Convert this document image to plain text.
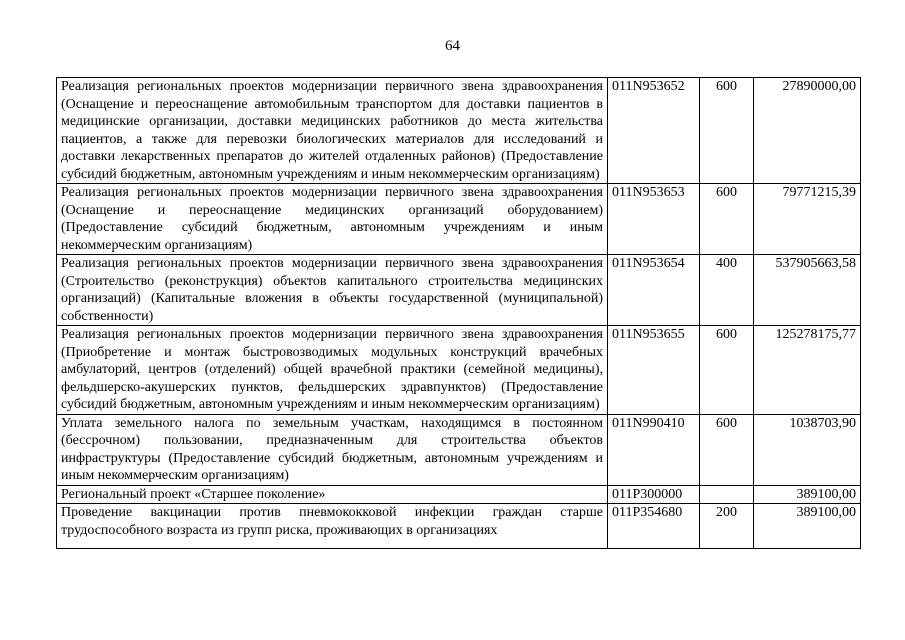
64
Реализация региональных проектов модернизации первичного звена здравоохранения (Оснащение и переоснащение автомобильным транспортом для доставки пациентов в медицинские организации, доставки медицинских работников до места жительства пациентов, а также для перевозки биологических материалов для исследований и доставки лекарственных препаратов до жителей отдаленных районов) (Предоставление субсидий бюджетным, автономным учреждениям и иным некоммерческим организациям)	011N953652	600	27890000,00
Реализация региональных проектов модернизации первичного звена здравоохранения (Оснащение и переоснащение медицинских организаций оборудованием) (Предоставление субсидий бюджетным, автономным учреждениям и иным некоммерческим организациям)	011N953653	600	79771215,39
Реализация региональных проектов модернизации первичного звена здравоохранения (Строительство (реконструкция) объектов капитального строительства медицинских организаций) (Капитальные вложения в объекты государственной (муниципальной) собственности)	011N953654	400	537905663,58
Реализация региональных проектов модернизации первичного звена здравоохранения (Приобретение и монтаж быстровозводимых модульных конструкций врачебных амбулаторий, центров (отделений) общей врачебной практики (семейной медицины), фельдшерско-акушерских пунктов, фельдшерских здравпунктов) (Предоставление субсидий бюджетным, автономным учреждениям и иным некоммерческим организациям)	011N953655	600	125278175,77
Уплата земельного налога по земельным участкам, находящимся в постоянном (бессрочном) пользовании, предназначенным для строительства объектов инфраструктуры (Предоставление субсидий бюджетным, автономным учреждениям и иным некоммерческим организациям)	011N990410	600	1038703,90
Региональный проект «Старшее поколение»	011P300000		389100,00

Проведение вакцинации против пневмококковой инфекции граждан старше трудоспособного возраста из групп риска, проживающих в организациях	011P354680	200	389100,00
